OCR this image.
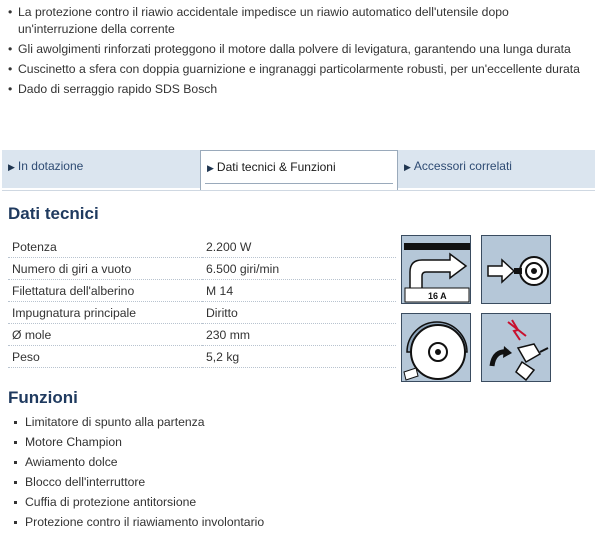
• La protezione contro il riawio accidentale impedisce un riawio automatico dell'utensile dopo un'interruzione della corrente
• Gli awolgimenti rinforzati proteggono il motore dalla polvere di levigatura, garantendo una lunga durata
• Cuscinetto a sfera con doppia guarnizione e ingranaggi particolarmente robusti, per un'eccellente durata
• Dado di serraggio rapido SDS Bosch
▶ In dotazione	▶ Dati tecnici & Funzioni	▶ Accessori correlati
Dati tecnici
Potenza	2.200 W
Numero di giri a vuoto	6.500 giri/min
Filettatura dell'alberino	M 14
Impugnatura principale	Diritto
Ø mole	230 mm
Peso	5,2 kg
16 A
Funzioni
Limitatore di spunto alla partenza
Motore Champion
Awiamento dolce
Blocco dell'interruttore
Cuffia di protezione antitorsione
Protezione contro il riawiamento involontario
